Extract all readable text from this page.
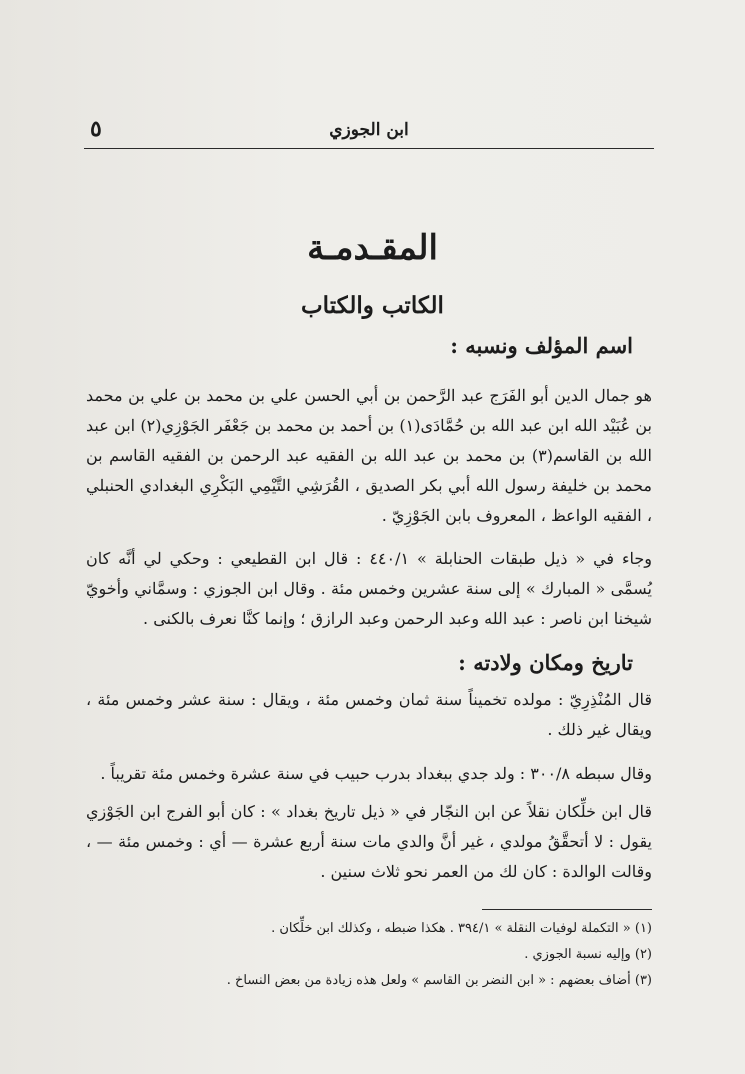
ابن الجوزي
٥
المقـدمـة
الكاتب والكتاب
اسم المؤلف ونسبه :

هو جمال الدين أبو الفَرَج عبد الرَّحمن بن أبي الحسن علي بن محمد بن علي بن محمد بن عُبَيْد الله ابن عبد الله بن حُمَّادَى(١) بن أحمد بن محمد بن جَعْفَر الجَوْزِي(٢) ابن عبد الله بن القاسم(٣) بن محمد بن عبد الله بن الفقيه عبد الرحمن بن الفقيه القاسم بن محمد بن خليفة رسول الله أبي بكر الصديق ، القُرَشِي التَّيْمِي البَكْرِي البغدادي الحنبلي ، الفقيه الواعظ ، المعروف بابن الجَوْزِيّ .

وجاء في « ذيل طبقات الحنابلة » ٤٤٠/١ : قال ابن القطيعي : وحكي لي أنَّه كان يُسمَّى « المبارك » إلى سنة عشرين وخمس مئة . وقال ابن الجوزي : وسمَّاني وأخويّ شيخنا ابن ناصر : عبد الله وعبد الرحمن وعبد الرازق ؛ وإنما كنَّا نعرف بالكنى .

تاريخ ومكان ولادته :

قال المُنْذِرِيّ : مولده تخميناً سنة ثمان وخمس مئة ، ويقال : سنة عشر وخمس مئة ، ويقال غير ذلك .

وقال سبطه ٣٠٠/٨ : ولد جدي ببغداد بدرب حبيب في سنة عشرة وخمس مئة تقريباً .

قال ابن خلِّكان نقلاً عن ابن النجّار في « ذيل تاريخ بغداد » : كان أبو الفرج ابن الجَوْزي يقول : لا أتحقَّقُ مولدي ، غير أنَّ والدي مات سنة أربع عشرة — أي : وخمس مئة — ، وقالت الوالدة : كان لك من العمر نحو ثلاث سنين .

(١) « التكملة لوفيات النقلة » ٣٩٤/١ . هكذا ضبطه ، وكذلك ابن خلِّكان .
(٢) وإليه نسبة الجوزي .
(٣) أضاف بعضهم : « ابن النضر بن القاسم » ولعل هذه زيادة من بعض النساخ .
